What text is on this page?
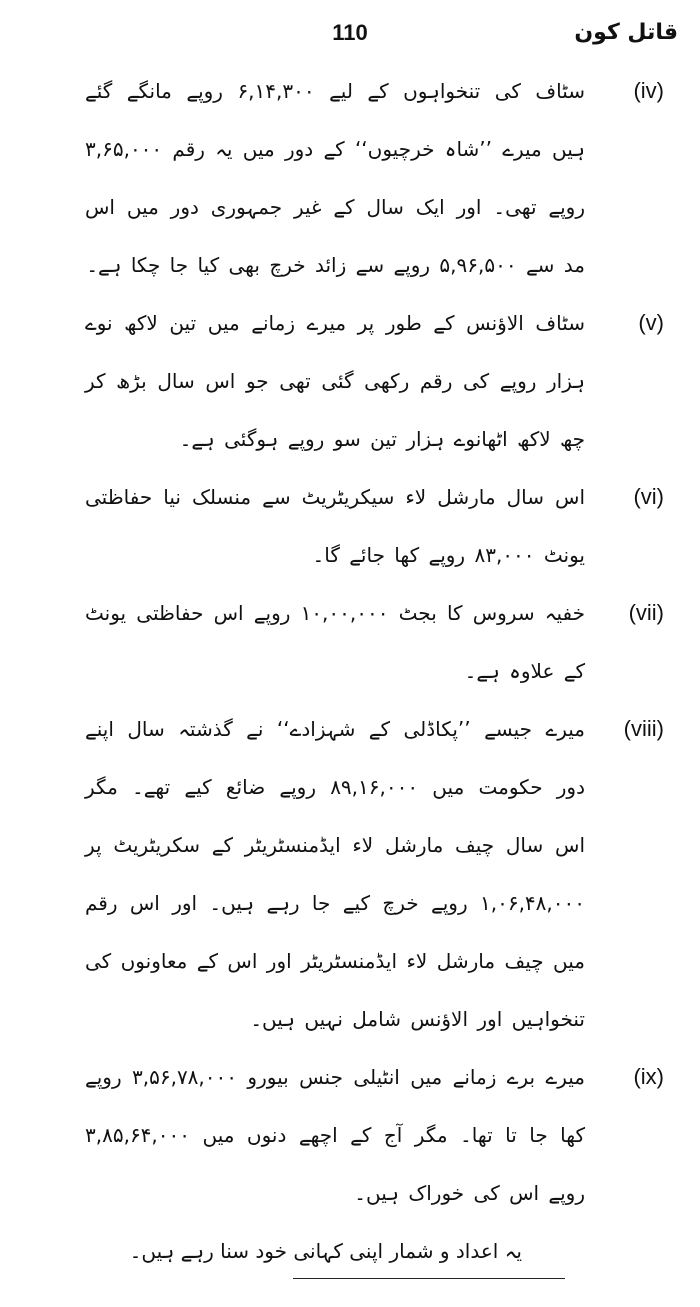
110	قاتل کون
(iv)
سٹاف کی تنخواہوں کے لیے ۶,۱۴,۳۰۰ روپے مانگے گئے ہیں میرے ’’شاہ خرچیوں‘‘ کے دور میں یہ رقم ۳,۶۵,۰۰۰ روپے تھی۔ اور ایک سال کے غیر جمہوری دور میں اس مد سے ۵,۹۶,۵۰۰ روپے سے زائد خرچ بھی کیا جا چکا ہے۔
(v)
سٹاف الاؤنس کے طور پر میرے زمانے میں تین لاکھ نوے ہزار روپے کی رقم رکھی گئی تھی جو اس سال بڑھ کر چھ لاکھ اٹھانوے ہزار تین سو روپے ہوگئی ہے۔
(vi)
اس سال مارشل لاء سیکریٹریٹ سے منسلک نیا حفاظتی یونٹ ۸۳,۰۰۰ روپے کھا جائے گا۔
(vii)
خفیہ سروس کا بجٹ ۱۰,۰۰,۰۰۰ روپے اس حفاظتی یونٹ کے علاوہ ہے۔
(viii)
میرے جیسے ’’پکاڈلی کے شہزادے‘‘ نے گذشتہ سال اپنے دور حکومت میں ۸۹,۱۶,۰۰۰ روپے ضائع کیے تھے۔ مگر اس سال چیف مارشل لاء ایڈمنسٹریٹر کے سکریٹریٹ پر ۱,۰۶,۴۸,۰۰۰ روپے خرچ کیے جا رہے ہیں۔ اور اس رقم میں چیف مارشل لاء ایڈمنسٹریٹر اور اس کے معاونوں کی تنخواہیں اور الاؤنس شامل نہیں ہیں۔
(ix)
میرے برے زمانے میں انٹیلی جنس بیورو ۳,۵۶,۷۸,۰۰۰ روپے کھا جا تا تھا۔ مگر آج کے اچھے دنوں میں ۳,۸۵,۶۴,۰۰۰ روپے اس کی خوراک ہیں۔
یہ اعداد و شمار اپنی کہانی خود سنا رہے ہیں۔
